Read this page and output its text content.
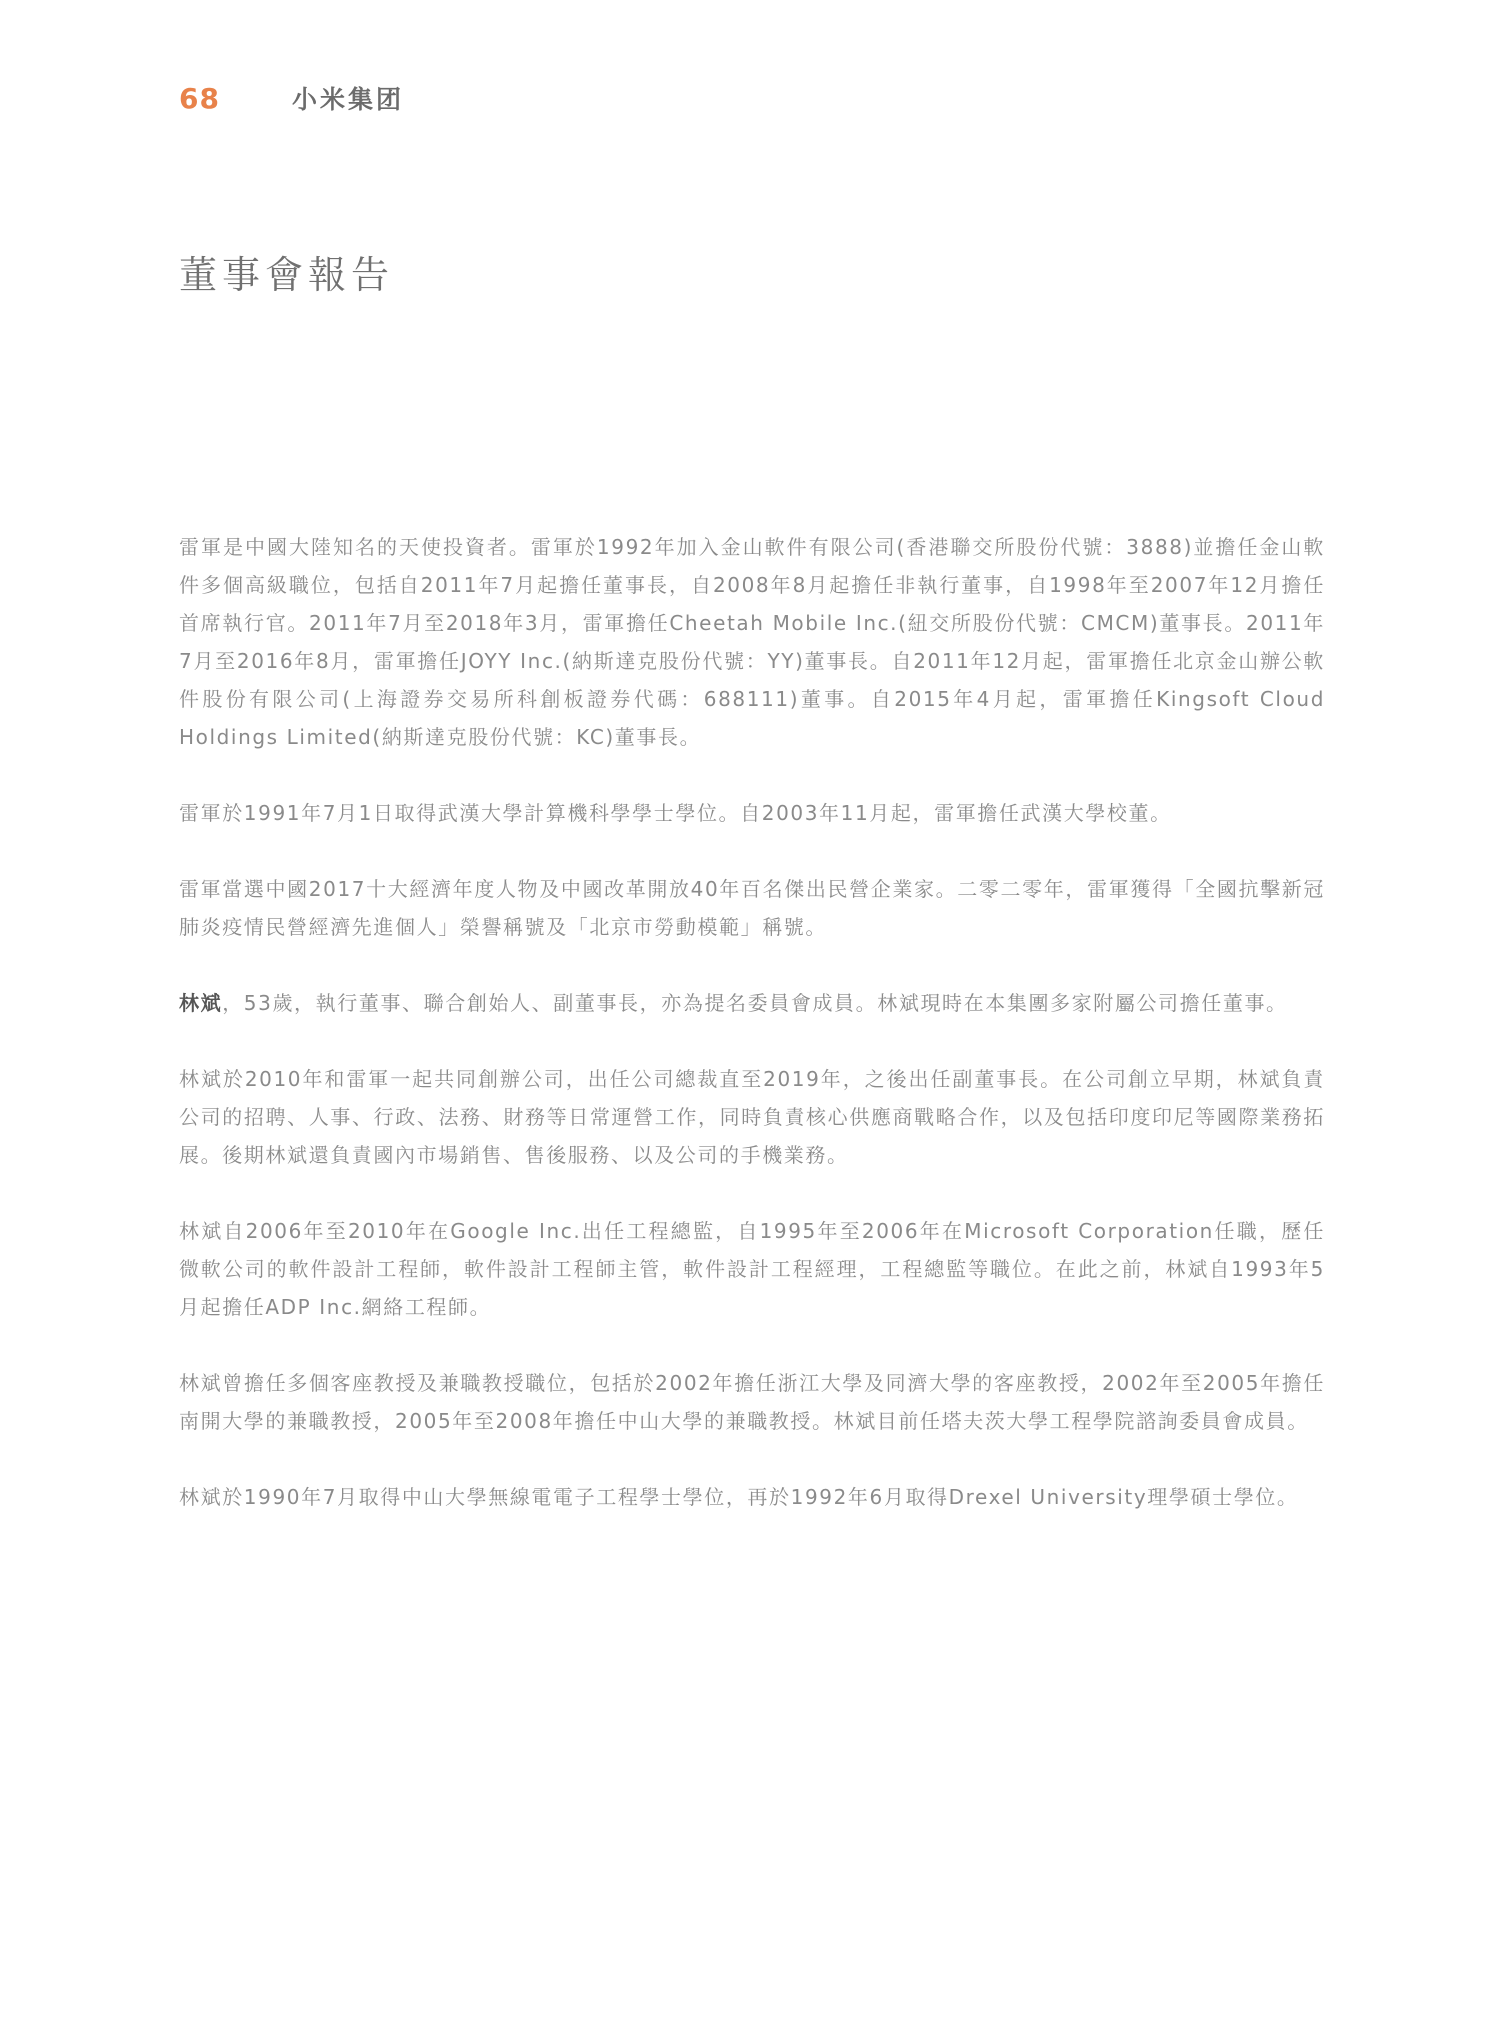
68	小米集团
董事會報告

雷軍是中國大陸知名的天使投資者。雷軍於1992年加入金山軟件有限公司(香港聯交所股份代號：3888)並擔任金山軟件多個高級職位，包括自2011年7月起擔任董事長，自2008年8月起擔任非執行董事，自1998年至2007年12月擔任首席執行官。2011年7月至2018年3月，雷軍擔任Cheetah Mobile Inc.(紐交所股份代號：CMCM)董事長。2011年7月至2016年8月，雷軍擔任JOYY Inc.(納斯達克股份代號：YY)董事長。自2011年12月起，雷軍擔任北京金山辦公軟件股份有限公司(上海證券交易所科創板證券代碼：688111)董事。自2015年4月起，雷軍擔任Kingsoft Cloud Holdings Limited(納斯達克股份代號：KC)董事長。

雷軍於1991年7月1日取得武漢大學計算機科學學士學位。自2003年11月起，雷軍擔任武漢大學校董。

雷軍當選中國2017十大經濟年度人物及中國改革開放40年百名傑出民營企業家。二零二零年，雷軍獲得「全國抗擊新冠肺炎疫情民營經濟先進個人」榮譽稱號及「北京市勞動模範」稱號。

林斌，53歲，執行董事、聯合創始人、副董事長，亦為提名委員會成員。林斌現時在本集團多家附屬公司擔任董事。

林斌於2010年和雷軍一起共同創辦公司，出任公司總裁直至2019年，之後出任副董事長。在公司創立早期，林斌負責公司的招聘、人事、行政、法務、財務等日常運營工作，同時負責核心供應商戰略合作，以及包括印度印尼等國際業務拓展。後期林斌還負責國內市場銷售、售後服務、以及公司的手機業務。

林斌自2006年至2010年在Google Inc.出任工程總監，自1995年至2006年在Microsoft Corporation任職，歷任微軟公司的軟件設計工程師，軟件設計工程師主管，軟件設計工程經理，工程總監等職位。在此之前，林斌自1993年5月起擔任ADP Inc.網絡工程師。

林斌曾擔任多個客座教授及兼職教授職位，包括於2002年擔任浙江大學及同濟大學的客座教授，2002年至2005年擔任南開大學的兼職教授，2005年至2008年擔任中山大學的兼職教授。林斌目前任塔夫茨大學工程學院諮詢委員會成員。

林斌於1990年7月取得中山大學無線電電子工程學士學位，再於1992年6月取得Drexel University理學碩士學位。
